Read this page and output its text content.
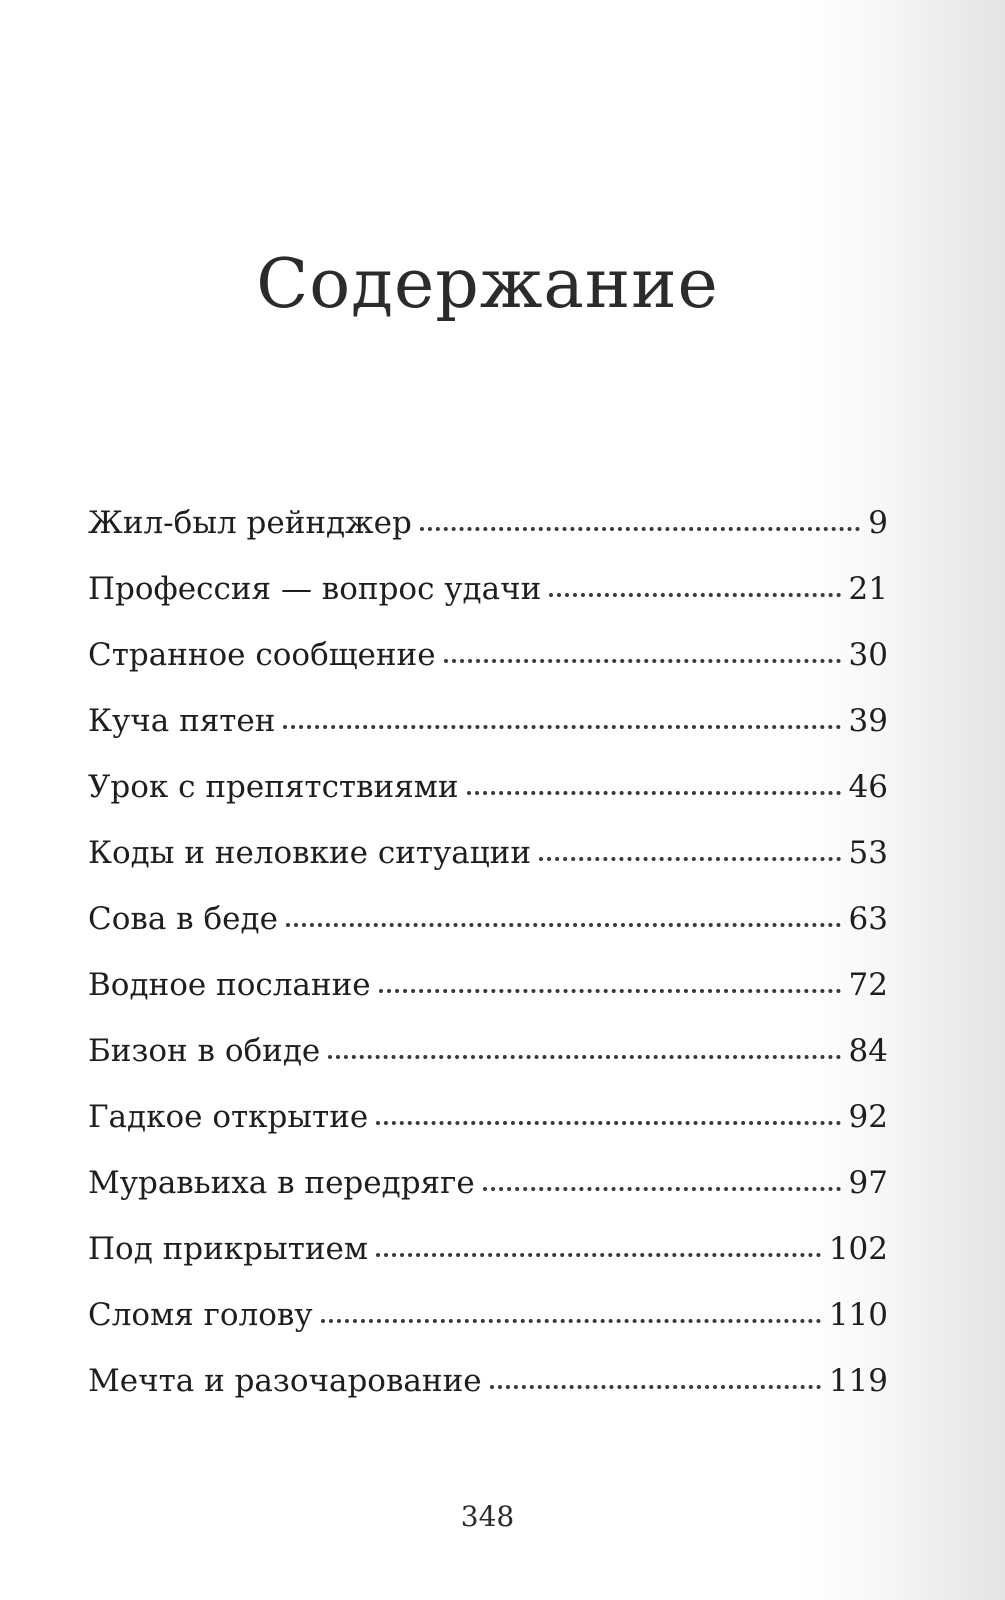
Содержание
Жил-был рейнджер	9
Профессия — вопрос удачи	21
Странное сообщение	30
Куча пятен	39
Урок с препятствиями	46
Коды и неловкие ситуации	53
Сова в беде	63
Водное послание	72
Бизон в обиде	84
Гадкое открытие	92
Муравьиха в передряге	97
Под прикрытием	102
Сломя голову	110
Мечта и разочарование	119
348
